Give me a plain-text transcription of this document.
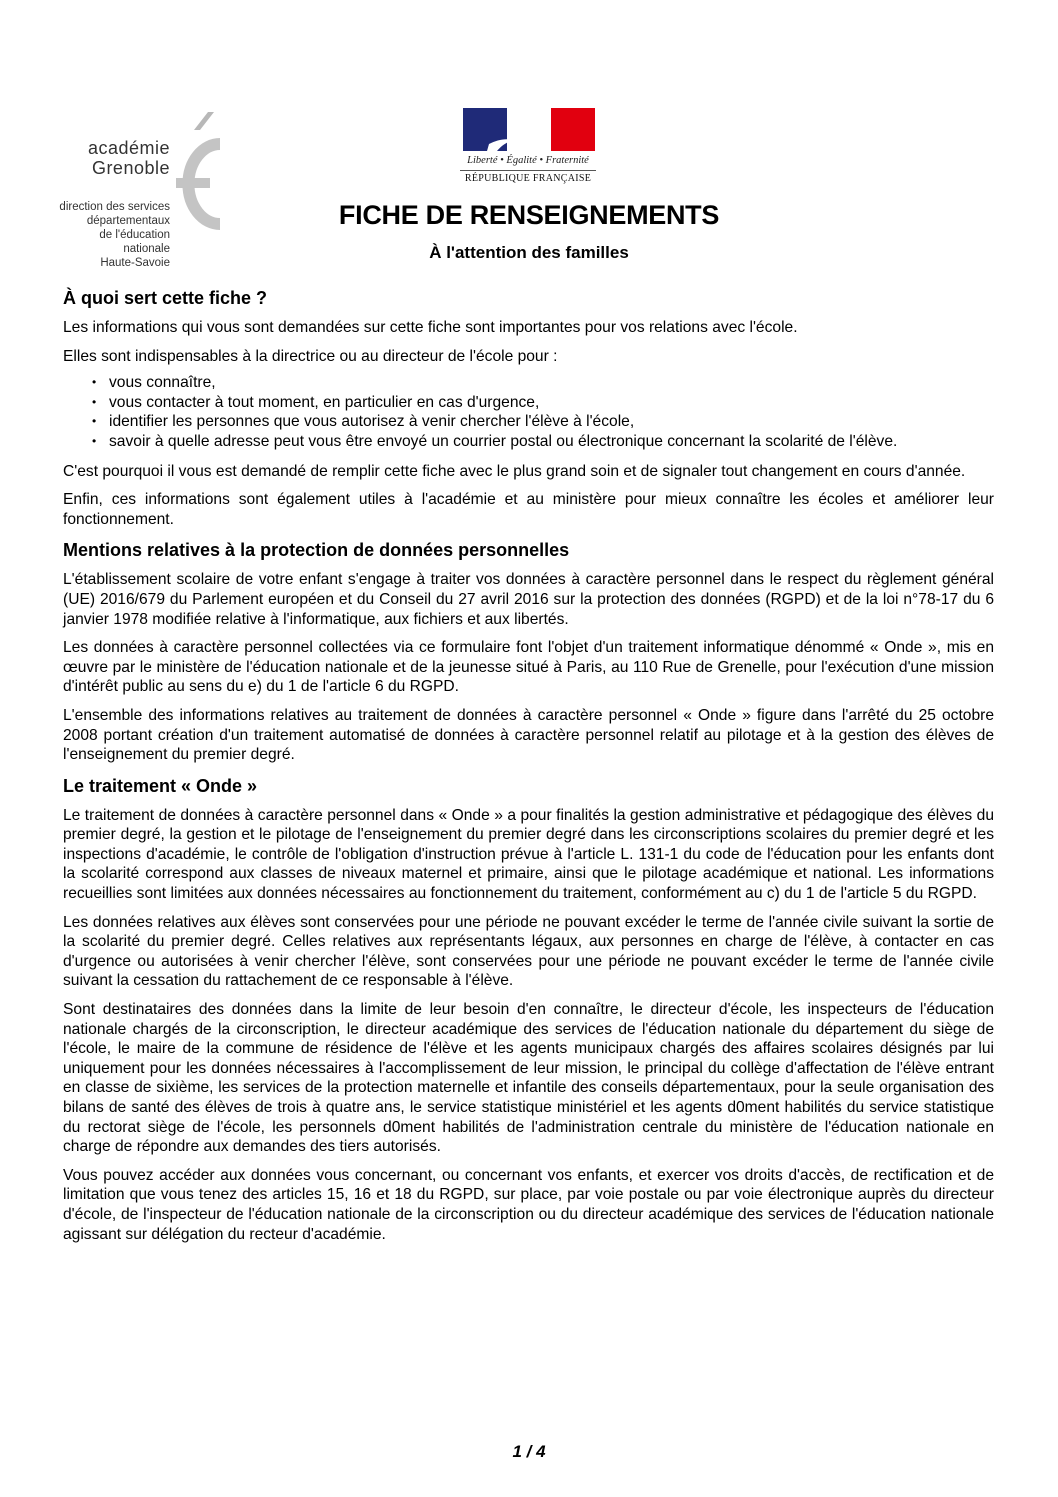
académie
Grenoble
direction des services
départementaux
de l'éducation nationale
Haute-Savoie
Liberté • Égalité • Fraternité
RÉPUBLIQUE FRANÇAISE
FICHE DE RENSEIGNEMENTS
À l'attention des familles
À quoi sert cette fiche ?

Les informations qui vous sont demandées sur cette fiche sont importantes pour vos relations avec l'école.

Elles sont indispensables à la directrice ou au directeur de l'école pour :

• vous connaître,
• vous contacter à tout moment, en particulier en cas d'urgence,
• identifier les personnes que vous autorisez à venir chercher l'élève à l'école,
• savoir à quelle adresse peut vous être envoyé un courrier postal ou électronique concernant la scolarité de l'élève.

C'est pourquoi il vous est demandé de remplir cette fiche avec le plus grand soin et de signaler tout changement en cours d'année.

Enfin, ces informations sont également utiles à l'académie et au ministère pour mieux connaître les écoles et améliorer leur fonctionnement.

Mentions relatives à la protection de données personnelles

L'établissement scolaire de votre enfant s'engage à traiter vos données à caractère personnel dans le respect du règlement général (UE) 2016/679 du Parlement européen et du Conseil du 27 avril 2016 sur la protection des données (RGPD) et de la loi n°78-17 du 6 janvier 1978 modifiée relative à l'informatique, aux fichiers et aux libertés.

Les données à caractère personnel collectées via ce formulaire font l'objet d'un traitement informatique dénommé « Onde », mis en œuvre par le ministère de l'éducation nationale et de la jeunesse situé à Paris, au 110 Rue de Grenelle, pour l'exécution d'une mission d'intérêt public au sens du e) du 1 de l'article 6 du RGPD.

L'ensemble des informations relatives au traitement de données à caractère personnel « Onde » figure dans l'arrêté du 25 octobre 2008 portant création d'un traitement automatisé de données à caractère personnel relatif au pilotage et à la gestion des élèves de l'enseignement du premier degré.

Le traitement « Onde »

Le traitement de données à caractère personnel dans « Onde » a pour finalités la gestion administrative et pédagogique des élèves du premier degré, la gestion et le pilotage de l'enseignement du premier degré dans les circonscriptions scolaires du premier degré et les inspections d'académie, le contrôle de l'obligation d'instruction prévue à l'article L. 131-1 du code de l'éducation pour les enfants dont la scolarité correspond aux classes de niveaux maternel et primaire, ainsi que le pilotage académique et national. Les informations recueillies sont limitées aux données nécessaires au fonctionnement du traitement, conformément au c) du 1 de l'article 5 du RGPD.

Les données relatives aux élèves sont conservées pour une période ne pouvant excéder le terme de l'année civile suivant la sortie de la scolarité du premier degré. Celles relatives aux représentants légaux, aux personnes en charge de l'élève, à contacter en cas d'urgence ou autorisées à venir chercher l'élève, sont conservées pour une période ne pouvant excéder le terme de l'année civile suivant la cessation du rattachement de ce responsable à l'élève.

Sont destinataires des données dans la limite de leur besoin d'en connaître, le directeur d'école, les inspecteurs de l'éducation nationale chargés de la circonscription, le directeur académique des services de l'éducation nationale du département du siège de l'école, le maire de la commune de résidence de l'élève et les agents municipaux chargés des affaires scolaires désignés par lui uniquement pour les données nécessaires à l'accomplissement de leur mission, le principal du collège d'affectation de l'élève entrant en classe de sixième, les services de la protection maternelle et infantile des conseils départementaux, pour la seule organisation des bilans de santé des élèves de trois à quatre ans, le service statistique ministériel et les agents d0ment habilités du service statistique du rectorat siège de l'école, les personnels d0ment habilités de l'administration centrale du ministère de l'éducation nationale en charge de répondre aux demandes des tiers autorisés.

Vous pouvez accéder aux données vous concernant, ou concernant vos enfants, et exercer vos droits d'accès, de rectification et de limitation que vous tenez des articles 15, 16 et 18 du RGPD, sur place, par voie postale ou par voie électronique auprès du directeur d'école, de l'inspecteur de l'éducation nationale de la circonscription ou du directeur académique des services de l'éducation nationale agissant sur délégation du recteur d'académie.

1 / 4
